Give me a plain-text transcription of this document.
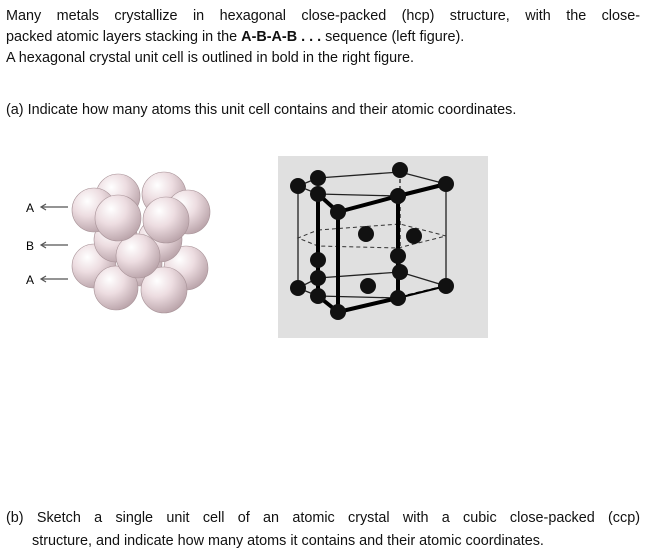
Many metals crystallize in hexagonal close-packed (hcp) structure, with the close-
packed atomic layers stacking in the A-B-A-B . . . sequence (left figure).
A hexagonal crystal unit cell is outlined in bold in the right figure.
(a) Indicate how many atoms this unit cell contains and their atomic coordinates.
A
B
A
(b) Sketch a single unit cell of an atomic crystal with a cubic close-packed (ccp)
structure, and indicate how many atoms it contains and their atomic coordinates.
